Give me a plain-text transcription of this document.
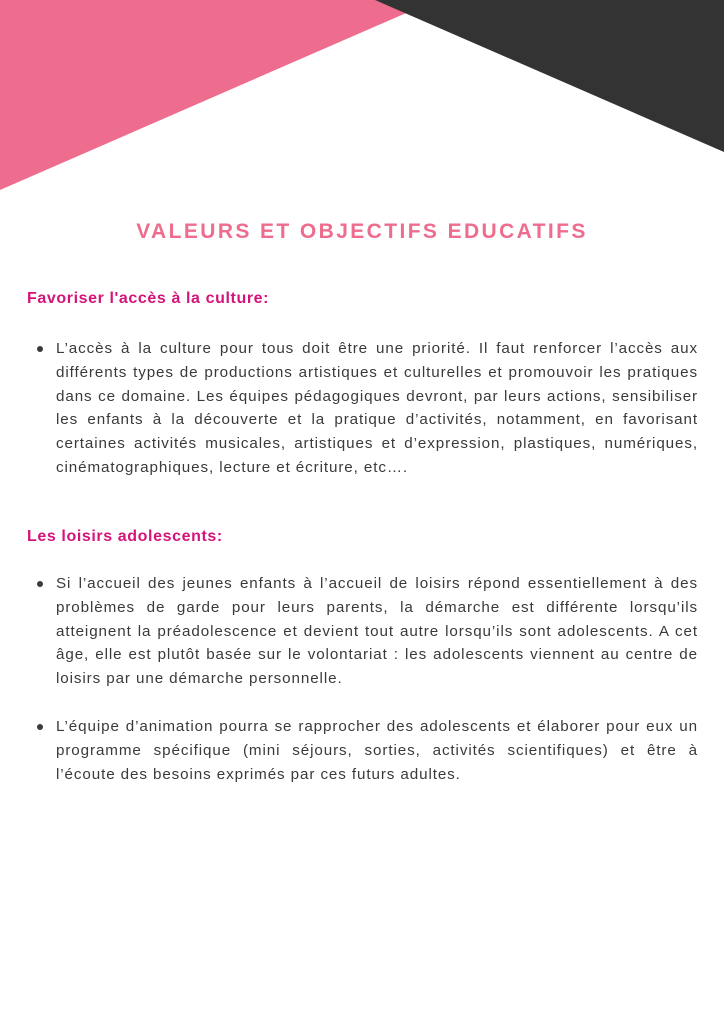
VALEURS ET OBJECTIFS EDUCATIFS
Favoriser l'accès à la culture:
L’accès à la culture pour tous doit être une priorité. Il faut renforcer l’accès aux différents types de productions artistiques et culturelles et promouvoir les pratiques dans ce domaine. Les équipes pédagogiques devront, par leurs actions, sensibiliser les enfants à la découverte et la pratique d’activités, notamment, en favorisant certaines activités musicales, artistiques et d’expression, plastiques, numériques, cinématographiques, lecture et écriture, etc….
Les loisirs adolescents:
Si l’accueil des jeunes enfants à l’accueil de loisirs répond essentiellement à des problèmes de garde pour leurs parents, la démarche est différente lorsqu’ils atteignent la préadolescence et devient tout autre lorsqu’ils sont adolescents. A cet âge, elle est plutôt basée sur le volontariat : les adolescents viennent au centre de loisirs par une démarche personnelle.
L’équipe d’animation pourra se rapprocher des adolescents et élaborer pour eux un programme spécifique (mini séjours, sorties, activités scientifiques) et être à l’écoute des besoins exprimés par ces futurs adultes.
